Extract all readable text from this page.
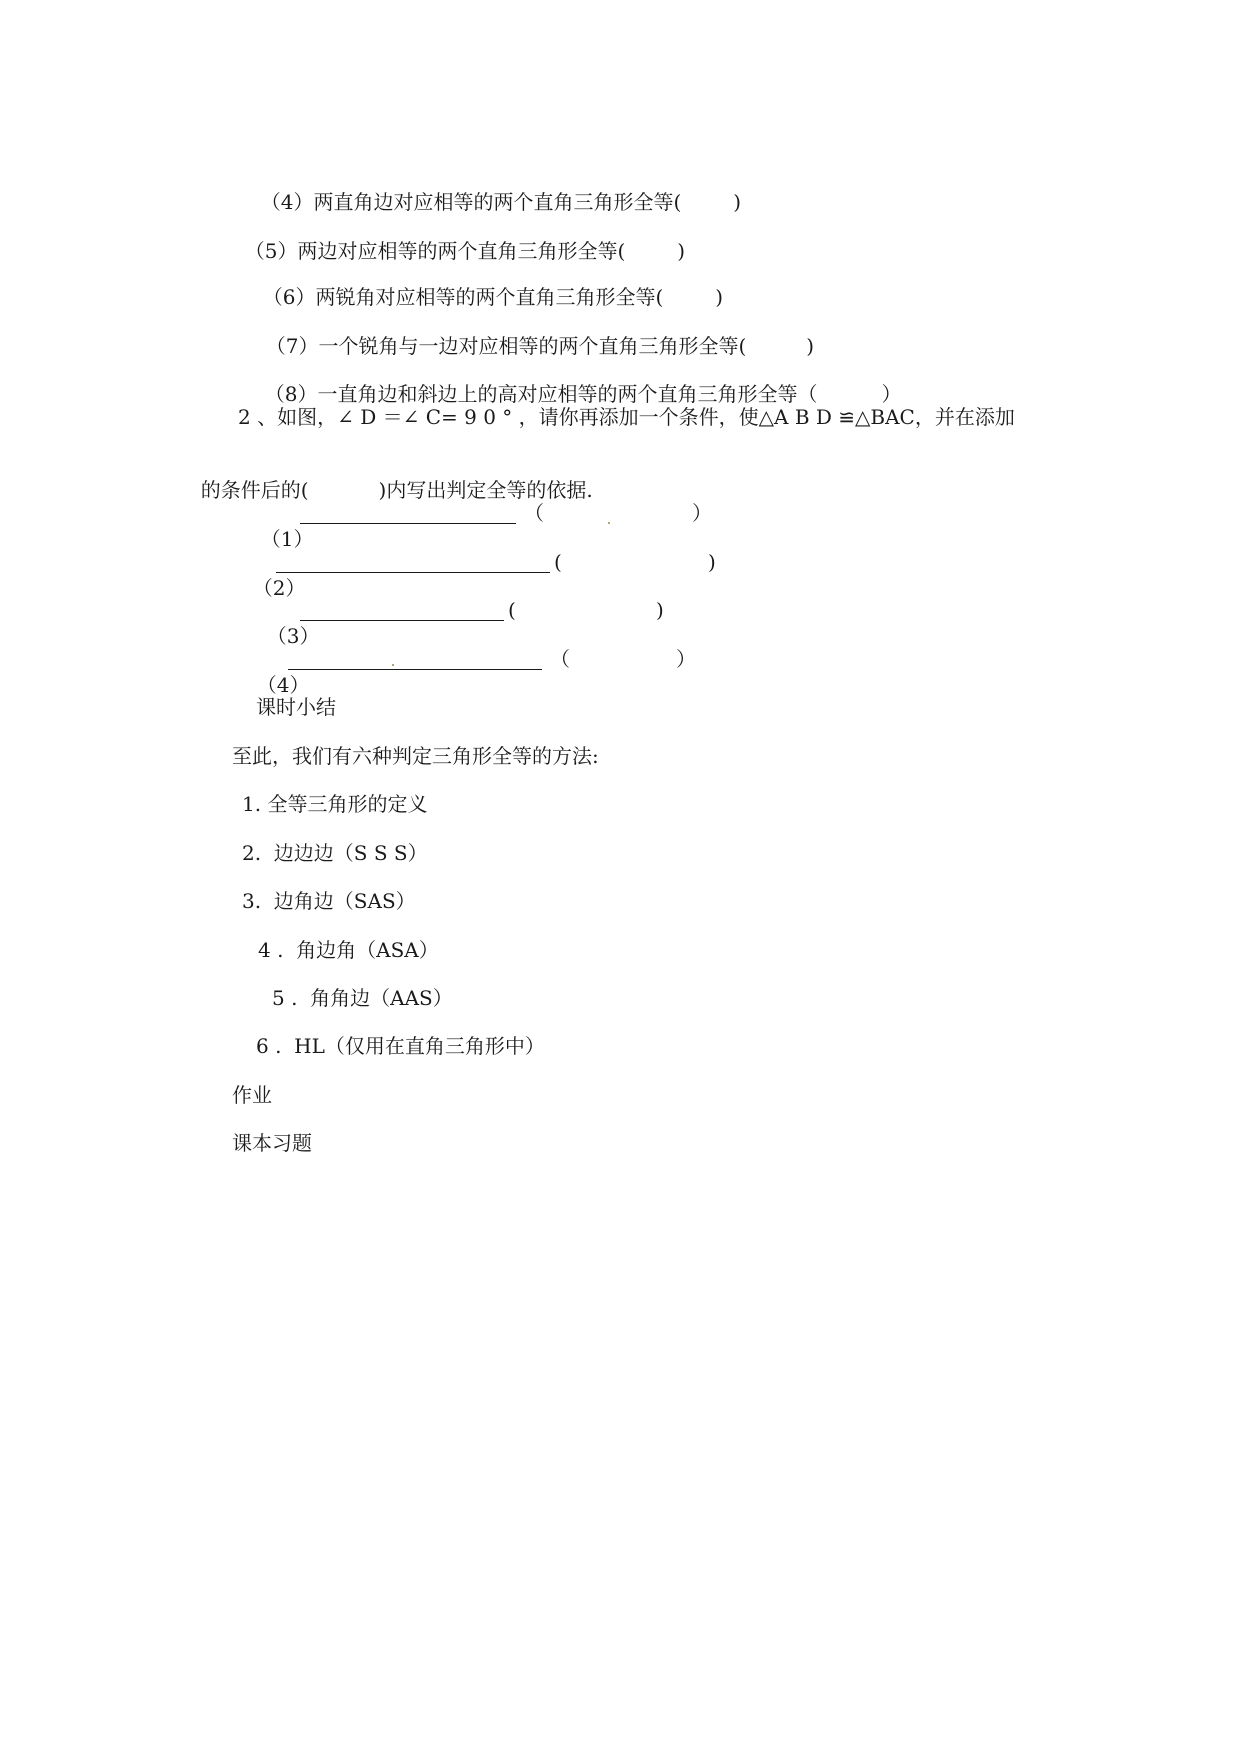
（4）两直角边对应相等的两个直角三角形全等(	)

（5）两边对应相等的两个直角三角形全等(	)

（6）两锐角对应相等的两个直角三角形全等(	)

（7）一个锐角与一边对应相等的两个直角三角形全等(	)

（8）一直角边和斜边上的高对应相等的两个直角三角形全等（	）

2 、如图，∠ D ＝∠ C= 9 0 ° ，请你再添加一个条件，使△A B D ≌△BAC，并在添加

的条件后的(	)内写出判定全等的依据.

（1）

（	）

（2）

(	)

（3）

(	)

（4）

（	）
课时小结
至此，我们有六种判定三角形全等的方法:
1. 全等三角形的定义
2.  边边边（S S S）
3.  边角边（SAS）
4 .  角边角（ASA）
5 .  角角边（AAS）
6 .  HL（仅用在直角三角形中）
作业
课本习题
